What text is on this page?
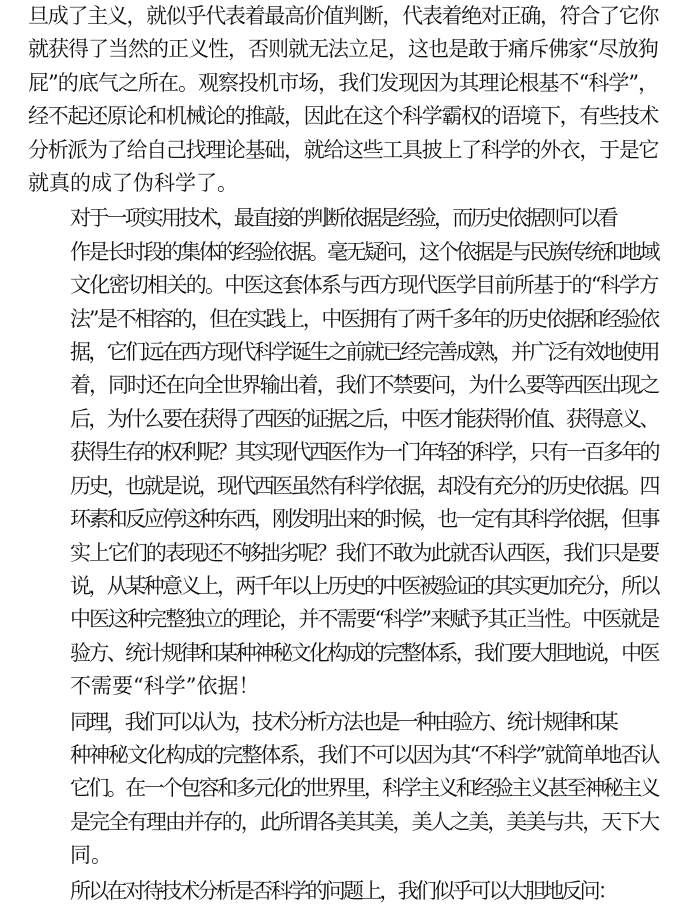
旦成了主义，就似乎代表着最高价值判断，代表着绝对正确，符合了它你
就获得了当然的正义性，否则就无法立足，这也是敢于痛斥佛家“尽放狗
屁”的底气之所在。观察投机市场，我们发现因为其理论根基不“科学”，
经不起还原论和机械论的推敲，因此在这个科学霸权的语境下，有些技术
分析派为了给自己找理论基础，就给这些工具披上了科学的外衣，于是它
就真的成了伪科学了。

对于一项实用技术，最直接的判断依据是经验，而历史依据则可以看
作是长时段的集体的经验依据。毫无疑问，这个依据是与民族传统和地域
文化密切相关的。中医这套体系与西方现代医学目前所基于的“科学方
法”是不相容的，但在实践上，中医拥有了两千多年的历史依据和经验依
据，它们远在西方现代科学诞生之前就已经完善成熟，并广泛有效地使用
着，同时还在向全世界输出着，我们不禁要问，为什么要等西医出现之
后，为什么要在获得了西医的证据之后，中医才能获得价值、获得意义、
获得生存的权利呢？其实现代西医作为一门年轻的科学，只有一百多年的
历史，也就是说，现代西医虽然有科学依据，却没有充分的历史依据。四
环素和反应停这种东西，刚发明出来的时候，也一定有其科学依据，但事
实上它们的表现还不够拙劣呢？我们不敢为此就否认西医，我们只是要
说，从某种意义上，两千年以上历史的中医被验证的其实更加充分，所以
中医这种完整独立的理论，并不需要“科学”来赋予其正当性。中医就是
验方、统计规律和某种神秘文化构成的完整体系，我们要大胆地说，中医
不需要“科学”依据！

同理，我们可以认为，技术分析方法也是一种由验方、统计规律和某
种神秘文化构成的完整体系，我们不可以因为其“不科学”就简单地否认
它们。在一个包容和多元化的世界里，科学主义和经验主义甚至神秘主义
是完全有理由并存的，此所谓各美其美，美人之美，美美与共，天下大
同。

所以在对待技术分析是否科学的问题上，我们似乎可以大胆地反问：
